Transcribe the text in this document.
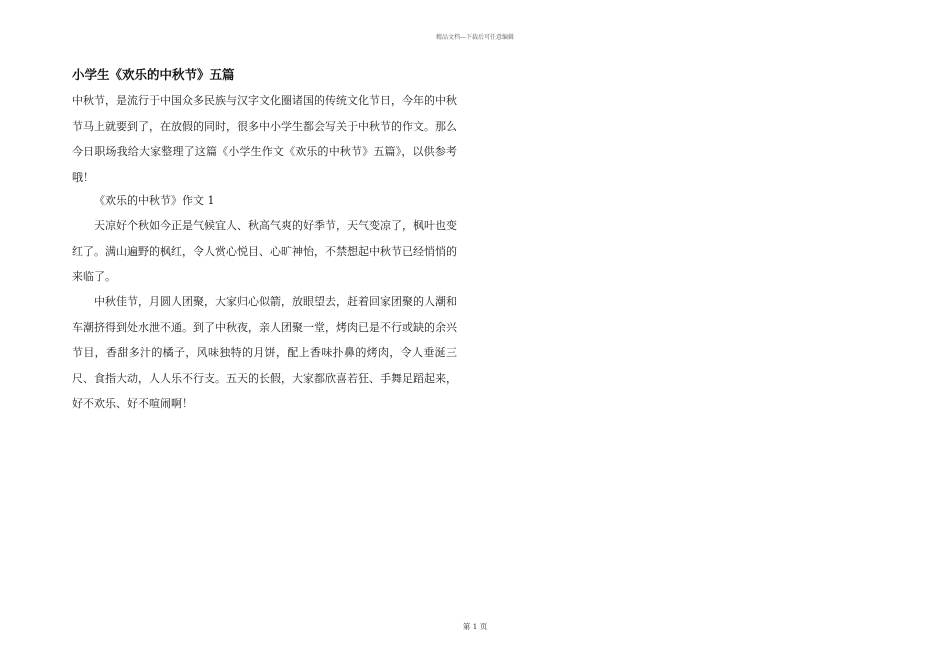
精品文档---下载后可任意编辑
小学生《欢乐的中秋节》五篇

中秋节，是流行于中国众多民族与汉字文化圈诸国的传统文化节日，今年的中秋节马上就要到了，在放假的同时，很多中小学生都会写关于中秋节的作文。那么今日职场我给大家整理了这篇《小学生作文《欢乐的中秋节》五篇》，以供参考哦！

《欢乐的中秋节》作文 1

天凉好个秋如今正是气候宜人、秋高气爽的好季节，天气变凉了，枫叶也变红了。满山遍野的枫红，令人赏心悦目、心旷神怡，不禁想起中秋节已经悄悄的来临了。

中秋佳节，月圆人团聚，大家归心似箭，放眼望去，赶着回家团聚的人潮和车潮挤得到处水泄不通。到了中秋夜，亲人团聚一堂，烤肉已是不行或缺的余兴节目，香甜多汁的橘子，风味独特的月饼，配上香味扑鼻的烤肉，令人垂涎三尺、食指大动，人人乐不行支。五天的长假，大家都欣喜若狂、手舞足蹈起来，好不欢乐、好不喧闹啊！

第 1 页
